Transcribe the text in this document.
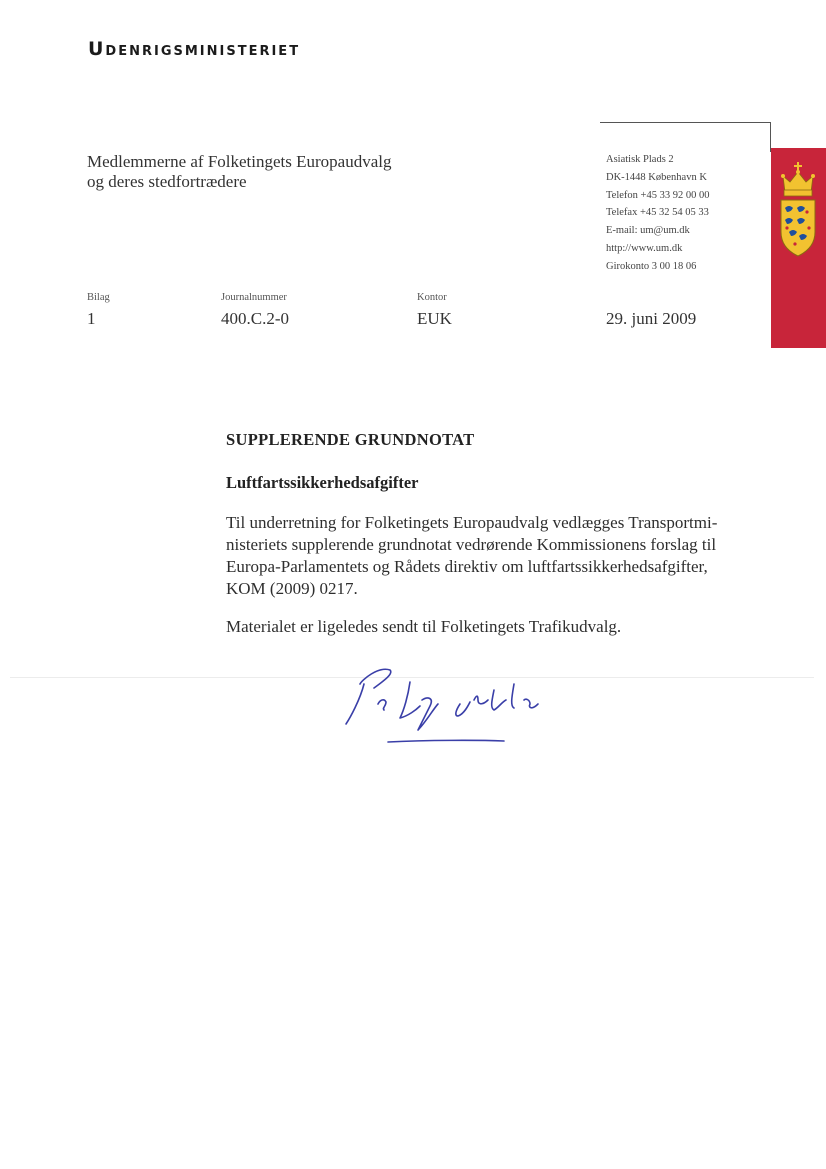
Udenrigsministeriet
Medlemmerne af Folketingets Europaudvalg
og deres stedfortrædere
Asiatisk Plads 2
DK-1448 København K
Telefon +45 33 92 00 00
Telefax +45 32 54 05 33
E-mail: um@um.dk
http://www.um.dk
Girokonto 3 00 18 06
Bilag
1
Journalnummer
400.C.2-0
Kontor
EUK	29. juni 2009
SUPPLERENDE GRUNDNOTAT
Luftfartssikkerhedsafgifter
Til underretning for Folketingets Europaudvalg vedlægges Transportmi-
nisteriets supplerende grundnotat vedrørende Kommissionens forslag til
Europa-Parlamentets og Rådets direktiv om luftfartssikkerhedsafgifter,
KOM (2009) 0217.
Materialet er ligeledes sendt til Folketingets Trafikudvalg.
